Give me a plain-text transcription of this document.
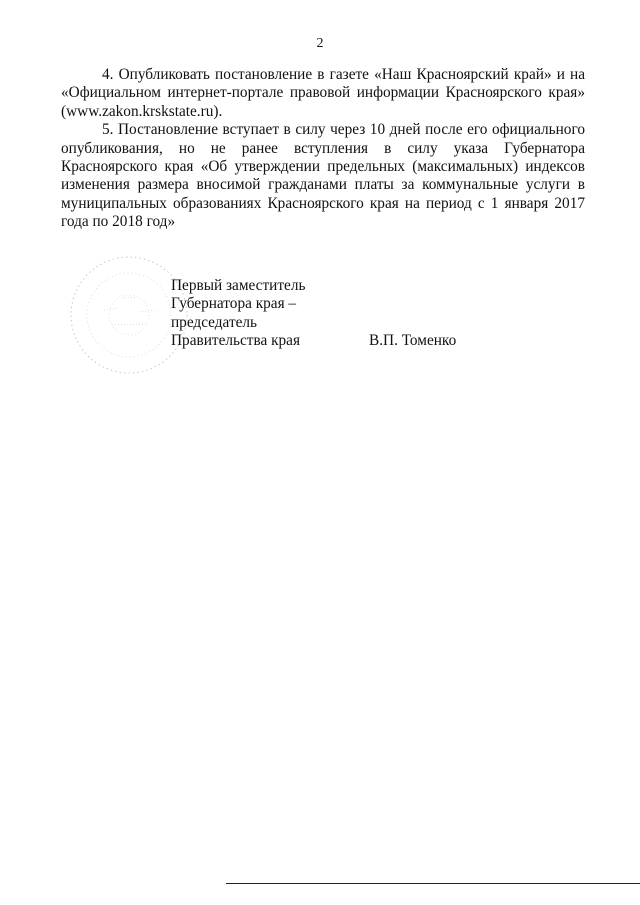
2

4. Опубликовать постановление в газете «Наш Красноярский край» и на «Официальном интернет-портале правовой информации Красноярского края» (www.zakon.krskstate.ru).

5. Постановление вступает в силу через 10 дней после его официального опубликования, но не ранее вступления в силу указа Губернатора Красноярского края «Об утверждении предельных (максимальных) индексов изменения размера вносимой гражданами платы за коммунальные услуги в муниципальных образованиях Красноярского края на период с 1 января 2017 года по 2018 год»

Первый заместитель
Губернатора края –
председатель
Правительства края	В.П. Томенко
